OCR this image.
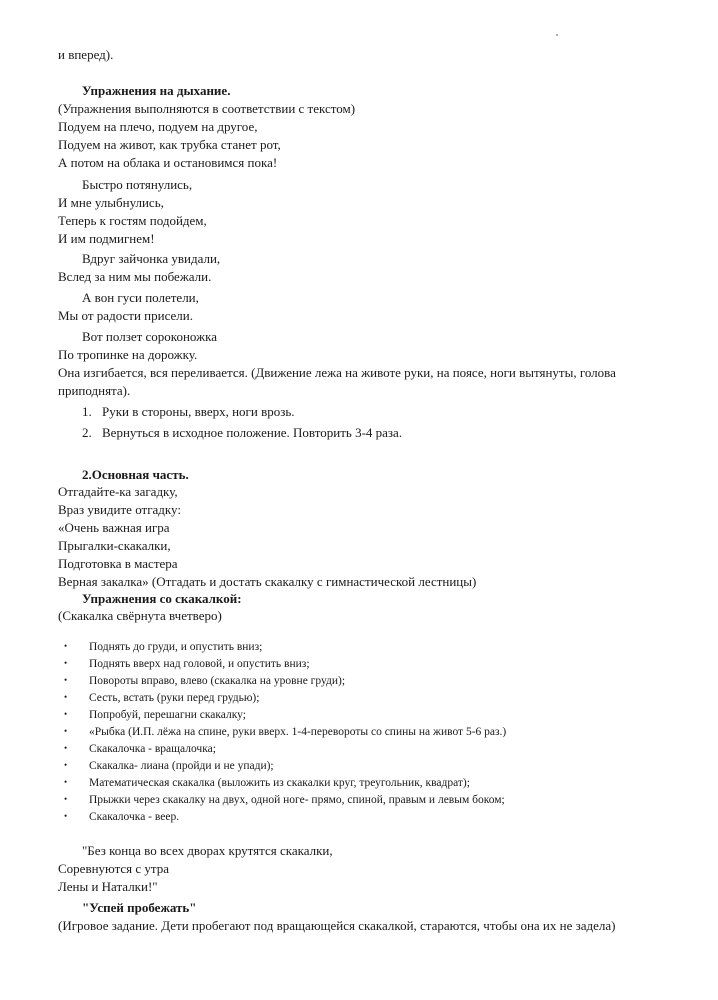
и вперед).
Упражнения на дыхание.
(Упражнения выполняются в соответствии с текстом)
Подуем на плечо, подуем на другое,
Подуем на живот, как трубка станет рот,
А потом на облака и остановимся пока!
Быстро потянулись,
И мне улыбнулись,
Теперь к гостям подойдем,
И им подмигнем!
Вдруг зайчонка увидали,
Вслед за ним мы побежали.
А вон гуси полетели,
Мы от радости присели.
Вот ползет сороконожка
По тропинке на дорожку.
Она изгибается, вся переливается. (Движение лежа на животе руки, на поясе, ноги вытянуты, голова
приподнята).
1. Руки в стороны, вверх, ноги врозь.
2. Вернуться в исходное положение. Повторить 3-4 раза.
2.Основная часть.
Отгадайте-ка загадку,
Враз увидите отгадку:
«Очень важная игра
Прыгалки-скакалки,
Подготовка в мастера
Верная закалка» (Отгадать и достать скакалку с гимнастической лестницы)
Упражнения со скакалкой:
(Скакалка свёрнута вчетверо)
• Поднять до груди, и опустить вниз;
• Поднять вверх над головой, и опустить вниз;
• Повороты вправо, влево (скакалка на уровне груди);
• Сесть, встать (руки перед грудью);
• Попробуй, перешагни скакалку;
• «Рыбка (И.П. лёжа на спине, руки вверх. 1-4-перевороты со спины на живот 5-6 раз.)
• Скакалочка - вращалочка;
• Скакалка- лиана (пройди и не упади);
• Математическая скакалка (выложить из скакалки круг, треугольник, квадрат);
• Прыжки через скакалку на двух, одной ноге- прямо, спиной, правым и левым боком;
• Скакалочка - веер.
"Без конца во всех дворах крутятся скакалки,
Соревнуются с утра
Лены и Наталки!"
"Успей пробежать"
(Игровое задание. Дети пробегают под вращающейся скакалкой, стараются, чтобы она их не задела)
